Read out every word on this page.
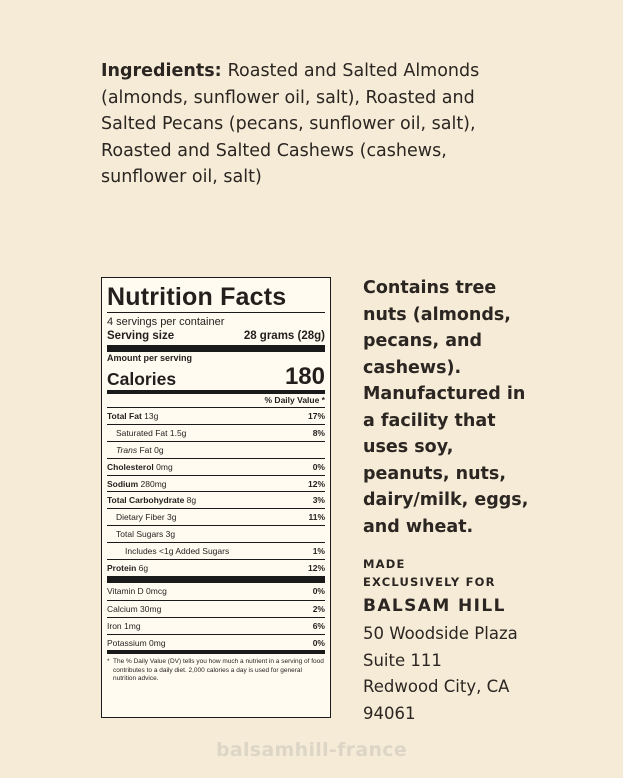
Ingredients: Roasted and Salted Almonds (almonds, sunflower oil, salt), Roasted and Salted Pecans (pecans, sunflower oil, salt), Roasted and Salted Cashews (cashews, sunflower oil, salt)
Nutrition Facts
4 servings per container
Serving size	28 grams (28g)
Amount per serving
Calories	180
% Daily Value *
Total Fat 13g	17%
Saturated Fat 1.5g	8%
Trans Fat 0g
Cholesterol 0mg	0%
Sodium 280mg	12%
Total Carbohydrate 8g	3%
Dietary Fiber 3g	11%
Total Sugars 3g
Includes <1g Added Sugars	1%
Protein 6g	12%
Vitamin D 0mcg	0%
Calcium 30mg	2%
Iron 1mg	6%
Potassium 0mg	0%
* The % Daily Value (DV) tells you how much a nutrient in a serving of food contributes to a daily diet. 2,000 calories a day is used for general nutrition advice.
Contains tree nuts (almonds, pecans, and cashews). Manufactured in a facility that uses soy, peanuts, nuts, dairy/milk, eggs, and wheat.
MADE
EXCLUSIVELY FOR
BALSAM HILL
50 Woodside Plaza
Suite 111
Redwood City, CA
94061
balsamhill-france
